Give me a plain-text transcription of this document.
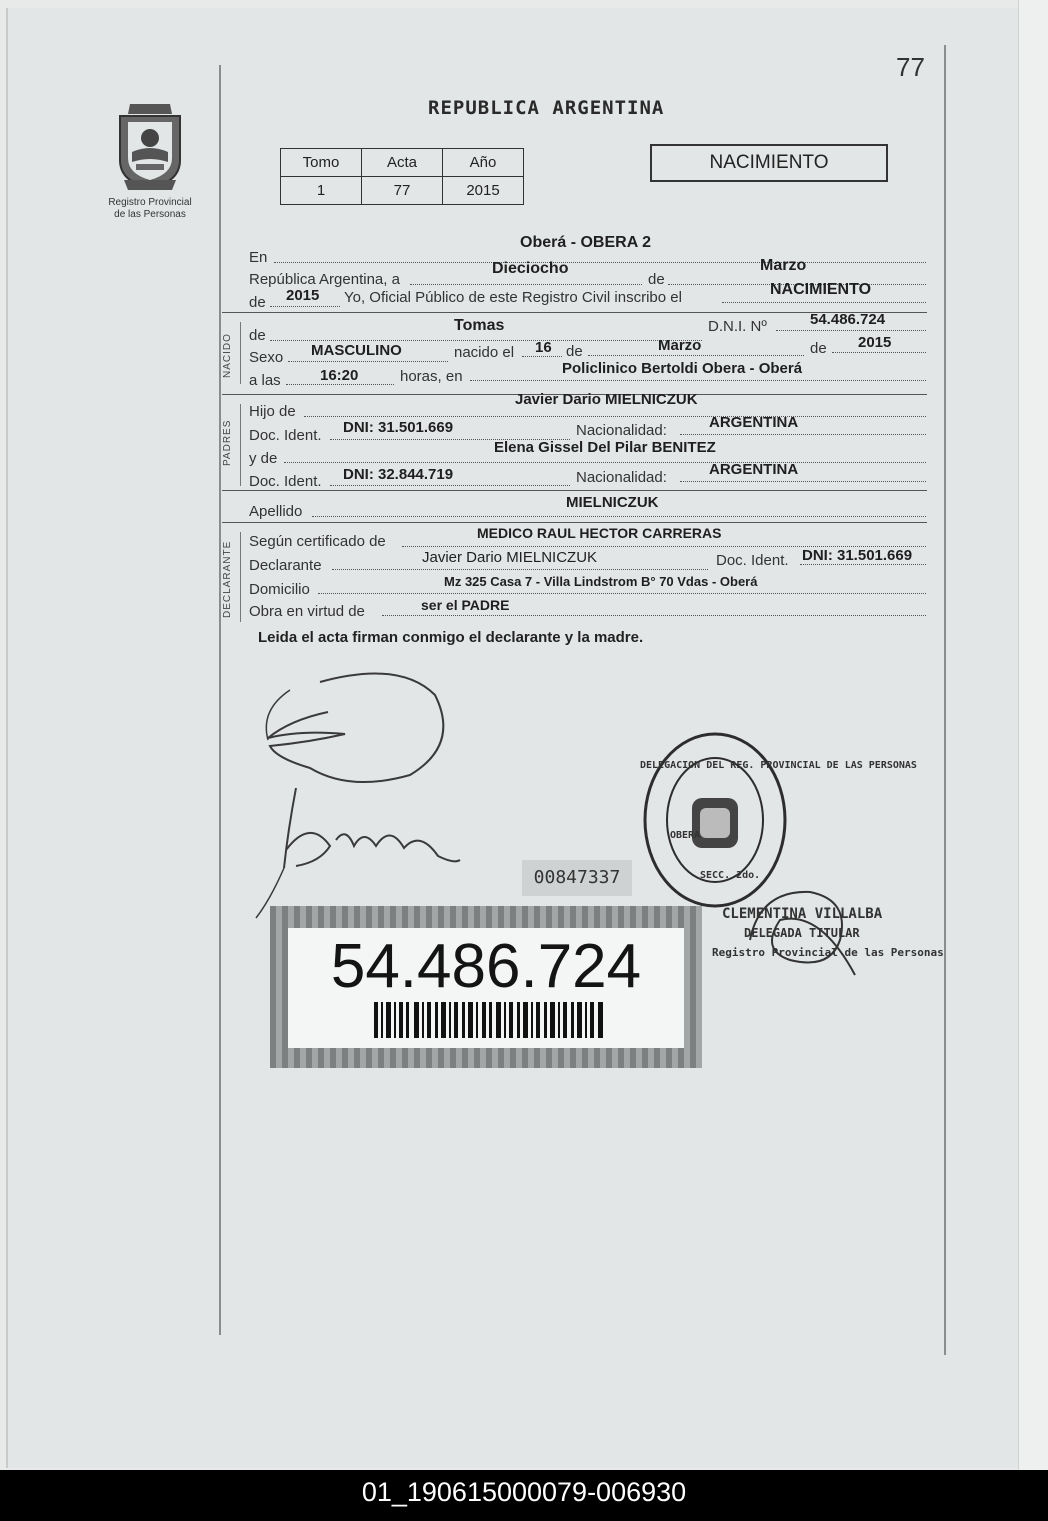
77
Registro Provincial
de las Personas
REPUBLICA ARGENTINA
Tomo	Acta	Año
1	77	2015
NACIMIENTO
En
Oberá - OBERA 2
República Argentina, a
Dieciocho
de
Marzo
de 2015 Yo, Oficial Público de este Registro Civil inscribo el	NACIMIENTO
NACIDO de
Tomas	D.N.I. Nº	54.486.724
Sexo MASCULINO	nacido el 16 de	Marzo	de 2015
a las	16:20	horas, en	Policlinico Bertoldi Obera - Oberá
PADRES
Hijo de
Javier Dario MIELNICZUK
Doc. Ident. DNI: 31.501.669	Nacionalidad:	ARGENTINA
y de
Elena Gissel Del Pilar BENITEZ
Doc. Ident. DNI: 32.844.719	Nacionalidad:	ARGENTINA
Apellido
MIELNICZUK
DECLARANTE Según certificado de	MEDICO RAUL HECTOR CARRERAS
Declarante	Javier Dario MIELNICZUK	Doc. Ident. DNI: 31.501.669
Domicilio	Mz 325 Casa 7 - Villa Lindstrom B° 70 Vdas - Oberá
Obra en virtud de	ser el PADRE
Leida el acta firman conmigo el declarante y la madre.
00847337
DELEGACION DEL REG. PROVINCIAL DE LAS PERSONAS
OBERA
SECC. 2do.
CLEMENTINA VILLALBA
DELEGADA TITULAR
Registro Provincial de las Personas
54.486.724
01_190615000079-006930
